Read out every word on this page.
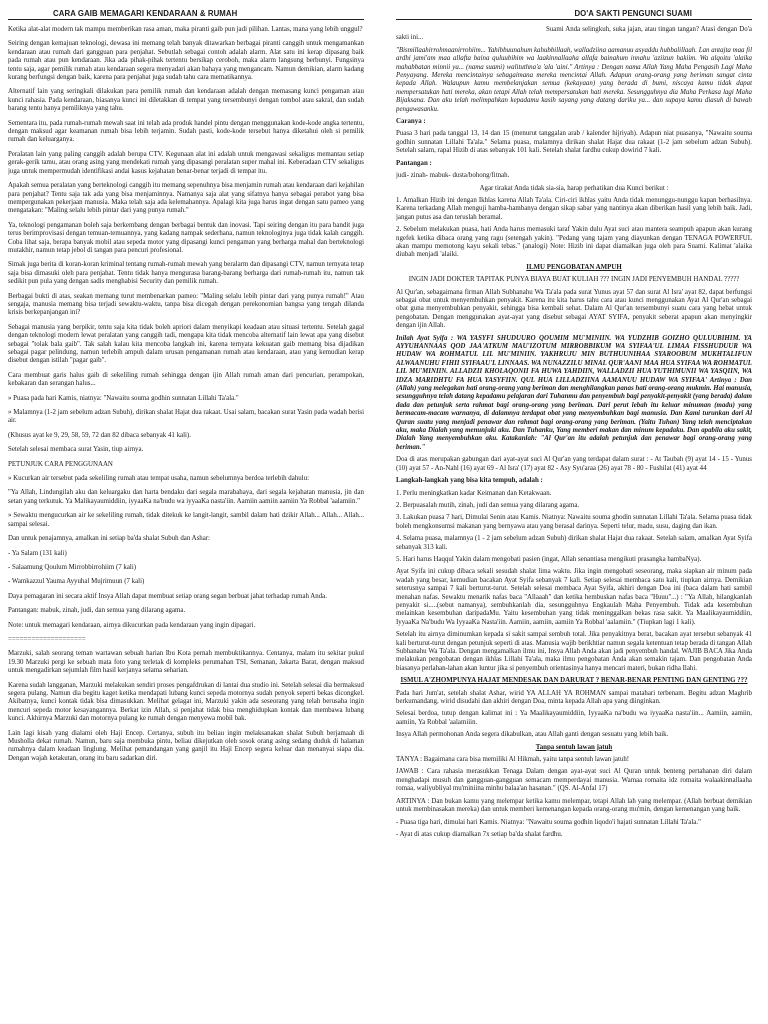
CARA GAIB MEMAGARI KENDARAAN & RUMAH

Ketika alat-alat modern tak mampu memberikan rasa aman, maka piranti gaib pun jadi pilihan. Lantas, mana yang lebih unggul?

Seiring dengan kemajuan teknologi, dewasa ini memang telah banyak ditawarkan berbagai piranti canggih untuk mengamankan kendaraan atau rumah dari gangguan para penjahat. Sebutlah sebagai contoh adalah alarm. Alat satu ini kerap dipasang baik pada rumah atau pun kendaraan. Jika ada pihak-pihak tertentu bersikap ceroboh, maka alarm langsung berbunyi. Fungsinya tentu saja, agar pemilik rumah atau kendaraan segera menyadari akan bahaya yang mengancam. Namun demikian, alarm kadang kurang berfungsi dengan baik, karena para penjahat juga sudah tahu cara mematikannya.

Alternatif lain yang seringkali dilakukan para pemilik rumah dan kendaraan adalah dengan memasang kunci pengaman atau kunci rahasia. Pada kendaraan, biasanya kunci ini diletakkan di tempat yang tersembunyi dengan tombol atau sakral, dan sudah barang tentu hanya pemiliknya yang tahu.

Sementara itu, pada rumah-rumah mewah saat ini telah ada produk handel pintu dengan menggunakan kode-kode angka tertentu, dengan maksud agar keamanan rumah bisa lebih terjamin. Sudah pasti, kode-kode tersebut hanya diketahui oleh si pemilik rumah dan keluarganya.

Peralatan lain yang paling canggih adalah berupa CTV. Kegunaan alat ini adalah untuk mengawasi sekaligus memantau setiap gerak-gerik tamu, atau orang asing yang mendekati rumah yang dipasangi peralatan super mahal ini. Keberadaan CTV sekaligus juga untuk mempermudah identifikasi andai kasus kejahatan benar-benar terjadi di tempat itu.

Apakah semua peralatan yang berteknologi canggih itu memang sepenuhnya bisa menjamin rumah atau kendaraan dari kejahilan para penjahat? Tentu saja tak ada yang bisa menjaminnya. Namanya saja alat yang sifatnya hanya sebagai perabot yang bisa mempergunakan pekerjaan manusia. Maka telah saja ada kelemahannya. Apalagi kita juga harus ingat dengan satu pameo yang mengatakan: "Maling selalu lebih pintar dari yang punya rumah."

Ya, teknologi pengamanan boleh saja berkembang dengan berbagai bentuk dan inovasi. Tapi seiring dengan itu para bandit juga terus berimprovisasi dengan temuan-temuannya, yang kadang nampak sederhana, namun teknologinya juga tidak kalah canggih. Coba lihat saja, berapa banyak mobil atau sepeda motor yang dipasangi kunci pengaman yang berharga mahal dan berteknologi mutakhir, namun tetap jebol di tangan para pencuri profesional.

Simak juga berita di koran-koran kriminal tentang rumah-rumah mewah yang beralarm dan dipasangi CTV, namun ternyata tetap saja bisa dimasuki oleh para penjahat. Tentu tidak hanya mengurasa barang-barang berharga dari rumah-rumah itu, namun tak sedikit pun pula yang dengan sadis menghabisi Security dan pemilik rumah.

Berbagai bukti di atas, seakan memang turut membenarkan pameo: "Maling selalu lebih pintar dari yang punya rumah!" Atau sengaja, manusia memang bisa terjadi sewaktu-waktu, tanpa bisa dicegah dengan perekonomian bangsa yang tengah dilanda krisis berkepanjangan ini?

Sebagai manusia yang berpikir, tentu saja kita tidak boleh apriori dalam menyikapi keadaan atau situasi tertentu. Setelah gagal dengan teknologi modern lewat peralatan yang canggih tadi, mengapa kita tidak mencoba alternatif lain lewat apa yang disebut sebagai "tolak bala gaib". Tak salah kalau kita mencoba langkah ini, karena ternyata kekuatan gaib memang bisa dijadikan sebagai pagar pelindung, namun terlebih ampuh dalam urusan pengamanan rumah atau kendaraan, atau yang kemudian kerap disebut dengan istilah "pagar gaib".

Cara membuat garis halus gaib di sekeliling rumah sehingga dengan ijin Allah rumah aman dari pencurian, perampokan, kebakaran dan serangan halus...

» Puasa pada hari Kamis, niatnya: "Nawaitu souma godhin sunnatan Lillahi Ta'ala."

» Malamnya (1-2 jam sebelum adzan Subuh), dirikan shalat Hajat dua rakaat. Usai salam, bacakan surat Yasin pada wadah berisi air.

(Khusus ayat ke 9, 29, 58, 59, 72 dan 82 dibaca sebanyak 41 kali).

Setelah selesai membaca surat Yasin, tiup airnya.

PETUNJUK CARA PENGGUNAAN

» Kucurkan air tersebut pada sekeliling rumah atau tempat usaha, namun sebelumnya berdoa terlebih dahulu:

"Ya Allah, Lindungilah aku dan keluargaku dan harta bendaku dari segala marabahaya, dari segala kejahatan manusia, jin dan setan yang terkutuk. Ya Malikayaumiddiin, iyyaaKa na'budu wa iyyaaKa nasta'iin. Aamiin aamiin aamiin Ya Robbal 'aalamiin."

» Sewaktu mengucurkan air ke sekeliling rumah, tidak ditekuk ke langit-langit, sambil dalam hati dzikir Allah... Allah... Allah... sampai selesai.

Dan untuk penajamnya, amalkan ini setiap ba'da shalat Subuh dan Ashar:

- Ya Salam (131 kali)

- Salaamung Qoulum Mirrobbirrohiim (7 kali)

- Wamkazzul Yauma Ayyuhal Mujrimuun (7 kali)

Daya pemagaran ini secara aktif Insya Allah dapat membuat setiap orang segan berbuat jahat terhadap rumah Anda.

Pantangan: mabuk, zinah, judi, dan semua yang dilarang agama.

Note: untuk memagari kendaraan, airnya dikucurkan pada kendaraan yang ingin dipagari.

====================

Marzuki, salah seorang teman wartawan sebuah harian Ibu Kota pernah membuktikannya. Centanya, malam itu sekitar pukul 19.30 Marzuki pergi ke sebuah mata foto yang terletak di kompleks perumahan TSI, Semanan, Jakarta Barat, dengan maksud untuk mengadirkan sejumlah film hasil kerjanya selama seharian.

Karena sudah langganan, Marzuki melakukan sendiri proses pengafdrukan di lantai dua studio ini. Setelah selesai dia bermaksud segera pulang. Namun dia begitu kaget ketika mendapati lubang kunci sepeda motornya sudah penyok seperti bekas dicongkel. Akibatnya, kunci kontak tidak bisa dimasukkan. Melihat gelagat ini, Marzuki yakin ada seseorang yang telah berusaha ingin mencuri sepeda motor kesayangannya. Berkat izin Allah, si penjahat tidak bisa menghidupkan kontak dan membawa lubang kunci. Akhirnya Marzuki dan motornya pulang ke rumah dengan menyewa mobil bak.

Lain lagi kisah yang dialami oleh Haji Encep. Certanya, subuh itu beliau ingin melaksanakan shalat Subuh berjamaah di Musholla dekat rumah. Namun, baru saja membuka pintu, beliau dikejutkan oleh sosok orang asing sedang duduk di halaman rumahnya dalam keadaan linglung. Melihat pemandangan yang ganjil itu Haji Encep segera keluar dan menanyai siapa dia. Dengan wajah ketakutan, orang itu baru sadarkan diri.

DO'A SAKTI PENGUNCI SUAMI

Suami Anda selingkuh, suka jajan, atau tingan tangan? Atasi dengan Do'a sakti ini...

"Bismillaahirrohmaanirrohiim... Yahibbuunahum kahubbillaah, walladziina aamanuu asyaddu hubbalillaah. Lan antajta maa fil ardhi jami'am maa allafta baina quluubihim wa laakinnallaaha allafa bainahum innahu 'aziizun hakiim. Wa alqoitu 'alaika mahabbatan minnii ya... (nama suami) walituthna'a 'ala 'aini." Artinya : Dengan nama Allah Yang Maha Pengasih Lagi Maha Penyayang. Mereka mencintainya sebagaimana mereka mencintai Allah. Adapun orang-orang yang beriman sangat cinta kepada Allah. Walaupun kamu membelanjakan semua (kekayaan) yang berada di bumi, niscaya kamu tidak dapat mempersatukan hati mereka, akan tetapi Allah telah mempersatukan hati mereka. Sesungguhnya dia Maha Perkasa lagi Maha Bijaksana. Dan aku telah melimpahkan kepadamu kasih sayang yang datang dariku ya... dan supaya kamu diasuh di bawah pengawasanku.

Caranya :

Puasa 3 hari pada tanggal 13, 14 dan 15 (menurut tanggalan arab / kalender hijriyah). Adapun niat puasanya, "Nawaitu souma godhin sunnatan Lillahi Ta'ala." Selama puasa, malamnya dirikan shalat Hajat dua rakaat (1-2 jam sebelum adzan Subuh). Setelah salam, rapal Hizib di atas sebanyak 101 kali. Setelah shalat fardhu cukup dowirid 7 kali.

Pantangan :

judi- zinah- mabuk- dusta/bohong/fitnah.

Agar tirakat Anda tidak sia-sia, harap perhatikan dua Kunci berikut :

1. Amalkan Hizib ini dengan Ikhlas karena Allah Ta'ala. Ciri-ciri ikhlas yaitu Anda tidak menunggu-nunggu kapan berhasilnya. Karena terkadang Allah menguji hamba-hambanya dengan sikap sabar yang nantinya akan diberikan hasil yang lebih baik. Jadi, jangan putus asa dan teruslah beramal.

2. Sebelum melakukan puasa, hati Anda harus memasuki taraf Yakin dulu Ayat suci atau mantera seampuh apapun akan kurang ngefek ketika dibaca orang yang ragu (setengah yakin). "Pedang yang tajam yang diayunkan dengan TENAGA POWERFUL akan mampu memotong kayu sekali tebas." (analogi) Note: Hizib ini dapat diamalkan juga oleh para Suami. Kalimat 'alaika diubah menjadi 'alaiki.

ILMU PENGOBATAN AMPUH

INGIN JADI DOKTER TAPITAK PUNYA BIAYA BUAT KULIAH ??? INGIN JADI PENYEMBUH HANDAL ?????

Al Qur'an, sebagaimana firman Allah Subhanahu Wa Ta'ala pada surat Yunus ayat 57 dan surat Al Isra' ayat 82, dapat berfungsi sebagai obat untuk menyembuhkan penyakit. Karena itu kita harus tahu cara atau kunci menggunakan Ayat Al Qur'an sebagai obat guna menyembuhkan penyakit, sehingga bisa kembali sehat. Dalam Al Qur'an tersembunyi suatu cara yang hebat untuk pengobatan. Dengan menggunakan ayat-ayat yang disebut sebagai AYAT SYIFA, penyakit seberat apapun akan menyingkir dengan ijin Allah.

Inilah Ayat Syifa : WA YASYFI SHUDUURO QOUMIM MU'MINIIN. WA YUDZHIB GOIZHO QULUUBIHIM. YA AYYUHANNAAS QOD JAA'ATKUM MAU'IZOTUM MIRROBBIKUM WA SYIFAA'UL LIMAA FISSHUDUUR WA HUDAW WA ROHMATUL LIL MU'MINIIN. YAKHRUJU MIN BUTHUUNIHAA SYAROOBUM MUKHTALIFUN ALWAANUHU FIHII SYIFAAU'L LINNAAS. WA NUNAZZILU MINAL QUR'AANI MAA HUA SYIFAA WA ROHMATUL LIL MU'MINIIN. ALLADZII KHOLAQONII FA HUWA YAHDIIN, WALLADZII HUA YUTHIMUNII WA YASQIIN, WA IDZA MARIDHTU FA HUA YASYFIIN. QUL HUA LILLADZIINA AAMANUU HUDAW WA SYIFAA' Artinya : Dan (Allah) yang melegakan hati orang-orang yang beriman dan menghilangkan panas hati orang-orang mukmin. Hai manusia, sesungguhnya telah datang kepadamu pelajaran dari Tuhanmu dan penyembuh bagi penyakit-penyakit (yang berada) dalam dada dan petunjuk serta rahmat bagi orang-orang yang beriman. Dari perut lebah itu keluar minuman (madu) yang bermacam-macam warnanya, di dalamnya terdapat obat yang menyembuhkan bagi manusia. Dan Kami turunkan dari Al Quran suatu yang menjadi penawar dan rahmat bagi orang-orang yang beriman. (Yaitu Tuhan) Yang telah menciptakan aku, maka Dialah yang menunjuki aku. Dan Tuhanku, Yang memberi makan dan minum kepadaku. Dan apabila aku sakit, Dialah Yang menyembuhkan aku. Katakanlah: "Al Qur'an itu adalah petunjuk dan penawar bagi orang-orang yang beriman."

Doa di atas merupakan gabungan dari ayat-ayat suci Al Qur'an yang terdapat dalam surat : - At Taubah (9) ayat 14 - 15 - Yunus (10) ayat 57 - An-Nahl (16) ayat 69 - Al Isra' (17) ayat 82 - Asy Syu'araa (26) ayat 78 - 80 - Fushilat (41) ayat 44

Langkah-langkah yang bisa kita tempuh, adalah :

1. Perlu meningkatkan kadar Keimanan dan Ketakwaan.

2. Berpuasalah mutih, zinah, judi dan semua yang dilarang agama.

3. Lakukan puasa 7 hari, Dimulai Senin atau Kamis. Niatnya: Nawaitu souma ghodin sunnatan Lillahi Ta'ala. Selama puasa tidak boleh mengkonsumsi makanan yang bernyawa atau yang berasal darinya. Seperti telur, madu, susu, daging dan ikan.

4. Selama puasa, malamnya (1 - 2 jam sebelum adzan Subuh) dirikan shalat Hajat dua rakaat. Setelah salam, amalkan Ayat Syifa sebanyak 313 kali.

5. Hari harus Haqqul Yakin dalam mengobati pasien (ingat, Allah senantiasa mengikuti prasangka hambaNya).

Ayat Syifa ini cukup dibaca sekali sesudah shalat lima waktu. Jika ingin mengobati seseorang, maka siapkan air minum pada wadah yang besar, kemudian bacakan Ayat Syifa sebanyak 7 kali. Setiap selesai membaca satu kali, tiupkan airnya. Demikian seterusnya sampai 7 kali berturut-turut. Setelah selesai membaca Ayat Syifa, akhiri dengan Doa ini (baca dalam hati sambil menahan nafas. Sewaktu menarik nafas baca "Allaaah" dan ketika hembuskan nafas baca "Huuu"...) : "Ya Allah, hilangkanlah penyakit si.....(sebut namanya), sembuhkanlah dia, sesungguhnya Engkaulah Maha Penyembuh. Tidak ada kesembuhan melainkan kesembuhan daripadaMu. Yaitu kesembuhan yang tidak meninggalkan bekas rasa sakit. Ya Maalikayaumiddiin, IyyaaKa Na'budu Wa IyyaaKa Nasta'iin. Aamiin, aamiin, aamiin Ya Robbal 'aalamiin." (Tiupkan lagi 1 kali).

Setelah itu airnya diminumkan kepada si sakit sampai sembuh total. Jika penyakitnya berat, bacakan ayat tersebut sebanyak 41 kali berturut-turut dengan petunjuk seperti di atas. Manusia wajib berikhtiar namun segala ketentuan tetap berada di tangan Allah Subhanahu Wa Ta'ala. Dengan mengamalkan ilmu ini, Insya Allah Anda akan jadi penyembuh handal. WAJIB BACA Jika Anda melakukan pengobatan dengan ikhlas Lillahi Ta'ala, maka ilmu pengobatan Anda akan semakin tajam. Dan pengobatan Anda biasanya perlahan-lahan akan luntur jika si penyembuh orientasinya hanya mencari materi, bukan ridha Ilahi.

ISMUL A'ZHOMPUNYA HAJAT MENDESAK DAN DARURAT ? BENAR-BENAR PENTING DAN GENTING ???

Pada hari Jum'at, setelah shalat Ashar, wirid YA ALLAH YA ROHMAN sampai matahari terbenam. Begitu adzan Maghrib berkumandang, wirid disudahi dan akhiri dengan Doa, minta kepada Allah apa yang diinginkan.

Selesai berdoa, tutup dengan kalimat ini : Ya Maalikayaumiddiin, IyyaaKa na'budu wa iyyaaKa nasta'iin... Aamiin, aamiin, aamiin, Ya Robbal 'aalamiiin.

Insya Allah permohonan Anda segera dikabulkan, atau Allah ganti dengan sesuatu yang lebih baik.

Tanpa sentuh lawan jatuh

TANYA : Bagaimana cara bisa memiliki Al Hikmah, yaitu tanpa sentuh lawan jatuh!

JAWAB : Cara rahasia merasukkan Tenaga Dalam dengan ayat-ayat suci Al Quran untuk benteng pertahanan diri dalam menghadapi musuh dan gangguan-gangguan semacam memperdayai manusia. Wamaa romaita idz romaita walaakinnallaaha romaa, waliyubliyal mu'miniina minhu balaa'an hasanan." (QS. Al-Anfal 17)

ARTINYA : Dan bukan kamu yang melempar ketika kamu melempar, tetapi Allah lah yang melempar. (Allah berbuat demikian untuk membinasakan mereka) dan untuk memberi kemenangan kepada orang-orang mu'min, dengan kemenangan yang baik.

- Puasa tiga hari, dimulai hari Kamis. Niatnya: "Nawaitu souma godhin liqodo'i hajati sunnatan Lillahi Ta'ala."

- Ayat di atas cukup diamalkan 7x setiap ba'da shalat fardhu.
